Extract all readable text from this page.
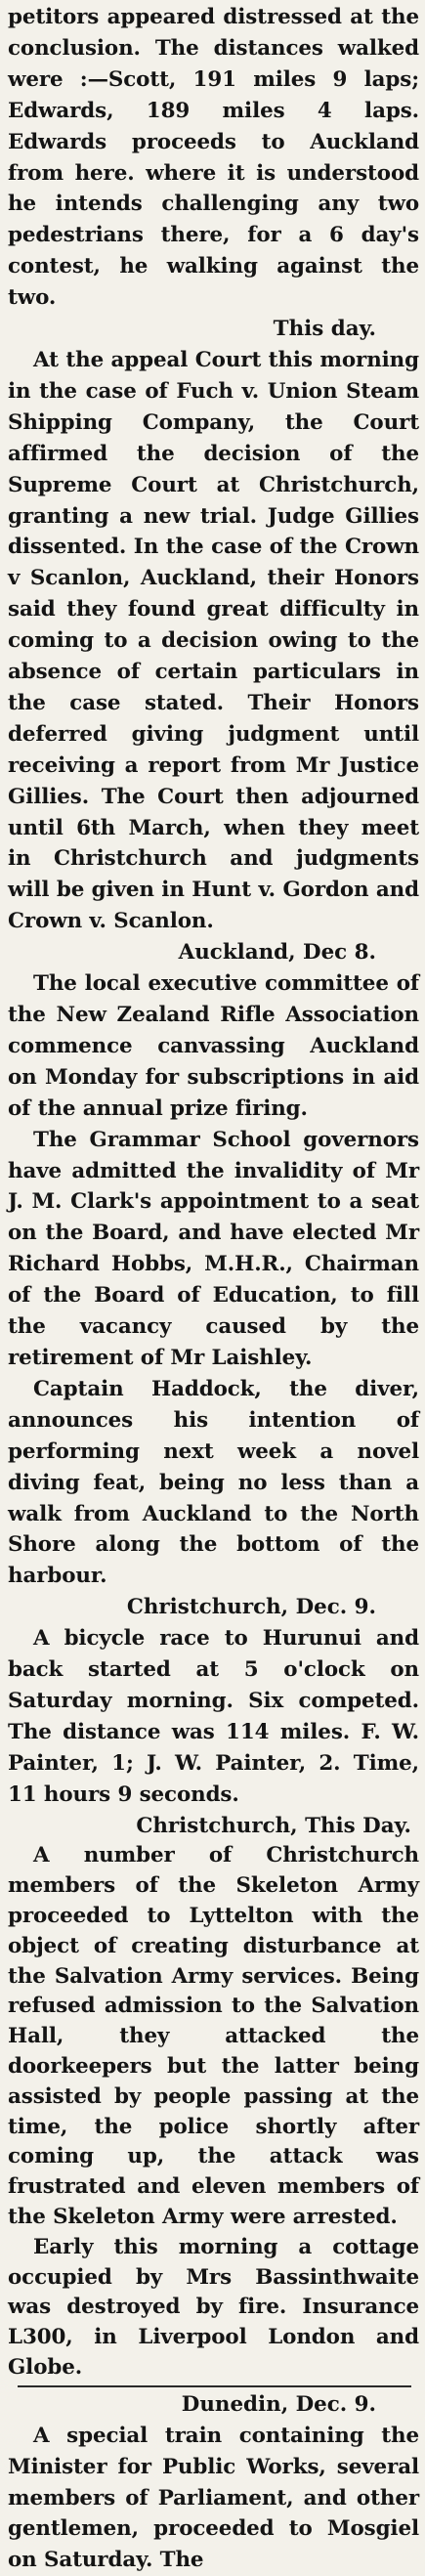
petitors appeared distressed at the conclusion. The distances walked were :—Scott, 191 miles 9 laps; Edwards, 189 miles 4 laps. Edwards proceeds to Auckland from here. where it is understood he intends challenging any two pedestrians there, for a 6 day's contest, he walking against the two.

This day.

At the appeal Court this morning in the case of Fuch v. Union Steam Shipping Company, the Court affirmed the decision of the Supreme Court at Christchurch, granting a new trial. Judge Gillies dissented. In the case of the Crown v Scanlon, Auckland, their Honors said they found great difficulty in coming to a decision owing to the absence of certain particulars in the case stated. Their Honors deferred giving judgment until receiving a report from Mr Justice Gillies. The Court then adjourned until 6th March, when they meet in Christchurch and judgments will be given in Hunt v. Gordon and Crown v. Scanlon.

Auckland, Dec 8.

The local executive committee of the New Zealand Rifle Association commence canvassing Auckland on Monday for subscriptions in aid of the annual prize firing.

The Grammar School governors have admitted the invalidity of Mr J. M. Clark's appointment to a seat on the Board, and have elected Mr Richard Hobbs, M.H.R., Chairman of the Board of Education, to fill the vacancy caused by the retirement of Mr Laishley.

Captain Haddock, the diver, announces his intention of performing next week a novel diving feat, being no less than a walk from Auckland to the North Shore along the bottom of the harbour.

Christchurch, Dec. 9.

A bicycle race to Hurunui and back started at 5 o'clock on Saturday morning. Six competed. The distance was 114 miles. F. W. Painter, 1; J. W. Painter, 2. Time, 11 hours 9 seconds.

Christchurch, This Day.

A number of Christchurch members of the Skeleton Army proceeded to Lyttelton with the object of creating disturbance at the Salvation Army services. Being refused admission to the Salvation Hall, they attacked the doorkeepers but the latter being assisted by people passing at the time, the police shortly after coming up, the attack was frustrated and eleven members of the Skeleton Army were arrested.

Early this morning a cottage occupied by Mrs Bassinthwaite was destroyed by fire. Insurance L300, in Liverpool London and Globe.

Dunedin, Dec. 9.

A special train containing the Minister for Public Works, several members of Parliament, and other gentlemen, proceeded to Mosgiel on Saturday. The
